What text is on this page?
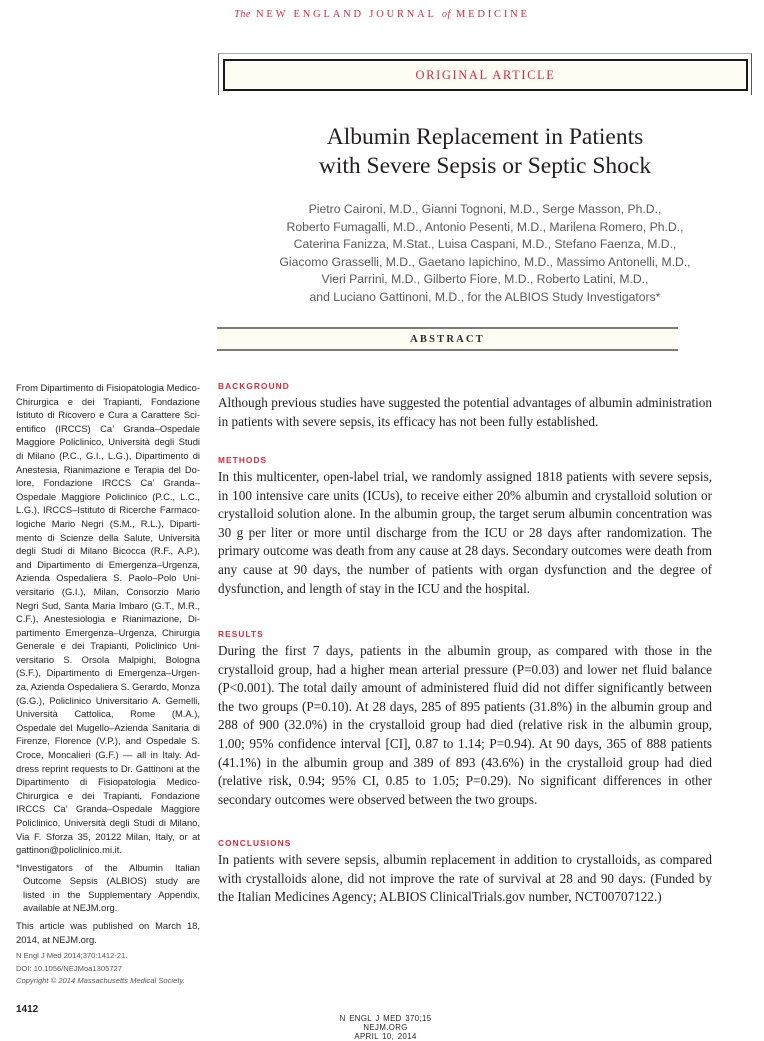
The NEW ENGLAND JOURNAL of MEDICINE
ORIGINAL ARTICLE
Albumin Replacement in Patients
with Severe Sepsis or Septic Shock
Pietro Caironi, M.D., Gianni Tognoni, M.D., Serge Masson, Ph.D.,
Roberto Fumagalli, M.D., Antonio Pesenti, M.D., Marilena Romero, Ph.D.,
Caterina Fanizza, M.Stat., Luisa Caspani, M.D., Stefano Faenza, M.D.,
Giacomo Grasselli, M.D., Gaetano Iapichino, M.D., Massimo Antonelli, M.D.,
Vieri Parrini, M.D., Gilberto Fiore, M.D., Roberto Latini, M.D.,
and Luciano Gattinoni, M.D., for the ALBIOS Study Investigators*
ABSTRACT

From Dipartimento di Fisiopatologia Medico-Chirurgica e dei Trapianti, Fondazione Istituto di Ricovero e Cura a Carattere Scientifico (IRCCS) Ca’ Granda–Ospedale Maggiore Policlinico, Università degli Studi di Milano (P.C., G.I., L.G.), Dipartimento di Anestesia, Rianimazione e Terapia del Dolore, Fondazione IRCCS Ca’ Granda–Ospedale Maggiore Policlinico (P.C., L.C., L.G.), IRCCS–Istituto di Ricerche Farmacologiche Mario Negri (S.M., R.L.), Dipartimento di Scienze della Salute, Università degli Studi di Milano Bicocca (R.F., A.P.), and Dipartimento di Emergenza–Urgenza, Azienda Ospedaliera S. Paolo–Polo Universitario (G.I.), Milan, Consorzio Mario Negri Sud, Santa Maria Imbaro (G.T., M.R., C.F.), Anestesiologia e Rianimazione, Dipartimento Emergenza–Urgenza, Chirurgia Generale e dei Trapianti, Policlinico Universitario S. Orsola Malpighi, Bologna (S.F.), Dipartimento di Emergenza–Urgenza, Azienda Ospedaliera S. Gerardo, Monza (G.G.), Policlinico Universitario A. Gemelli, Università Cattolica, Rome (M.A.), Ospedale del Mugello–Azienda Sanitaria di Firenze, Florence (V.P.), and Ospedale S. Croce, Moncalieri (G.F.) — all in Italy. Address reprint requests to Dr. Gattinoni at the Dipartimento di Fisiopatologia Medico-Chirurgica e dei Trapianti, Fondazione IRCCS Ca’ Granda–Ospedale Maggiore Policlinico, Università degli Studi di Milano, Via F. Sforza 35, 20122 Milan, Italy, or at gattinon@policlinico.mi.it.

*Investigators of the Albumin Italian Outcome Sepsis (ALBIOS) study are listed in the Supplementary Appendix, available at NEJM.org.

This article was published on March 18, 2014, at NEJM.org.

N Engl J Med 2014;370:1412-21.

DOI: 10.1056/NEJMoa1305727

Copyright © 2014 Massachusetts Medical Society.

BACKGROUND

Although previous studies have suggested the potential advantages of albumin administration in patients with severe sepsis, its efficacy has not been fully established.

METHODS

In this multicenter, open-label trial, we randomly assigned 1818 patients with severe sepsis, in 100 intensive care units (ICUs), to receive either 20% albumin and crystalloid solution or crystalloid solution alone. In the albumin group, the target serum albumin concentration was 30 g per liter or more until discharge from the ICU or 28 days after randomization. The primary outcome was death from any cause at 28 days. Secondary outcomes were death from any cause at 90 days, the number of patients with organ dysfunction and the degree of dysfunction, and length of stay in the ICU and the hospital.

RESULTS

During the first 7 days, patients in the albumin group, as compared with those in the crystalloid group, had a higher mean arterial pressure (P=0.03) and lower net fluid balance (P<0.001). The total daily amount of administered fluid did not differ significantly between the two groups (P=0.10). At 28 days, 285 of 895 patients (31.8%) in the albumin group and 288 of 900 (32.0%) in the crystalloid group had died (relative risk in the albumin group, 1.00; 95% confidence interval [CI], 0.87 to 1.14; P=0.94). At 90 days, 365 of 888 patients (41.1%) in the albumin group and 389 of 893 (43.6%) in the crystalloid group had died (relative risk, 0.94; 95% CI, 0.85 to 1.05; P=0.29). No significant differences in other secondary outcomes were observed between the two groups.

CONCLUSIONS

In patients with severe sepsis, albumin replacement in addition to crystalloids, as compared with crystalloids alone, did not improve the rate of survival at 28 and 90 days. (Funded by the Italian Medicines Agency; ALBIOS ClinicalTrials.gov number, NCT00707122.)

1412

N ENGL J MED 370;15
NEJM.ORG
APRIL 10, 2014
